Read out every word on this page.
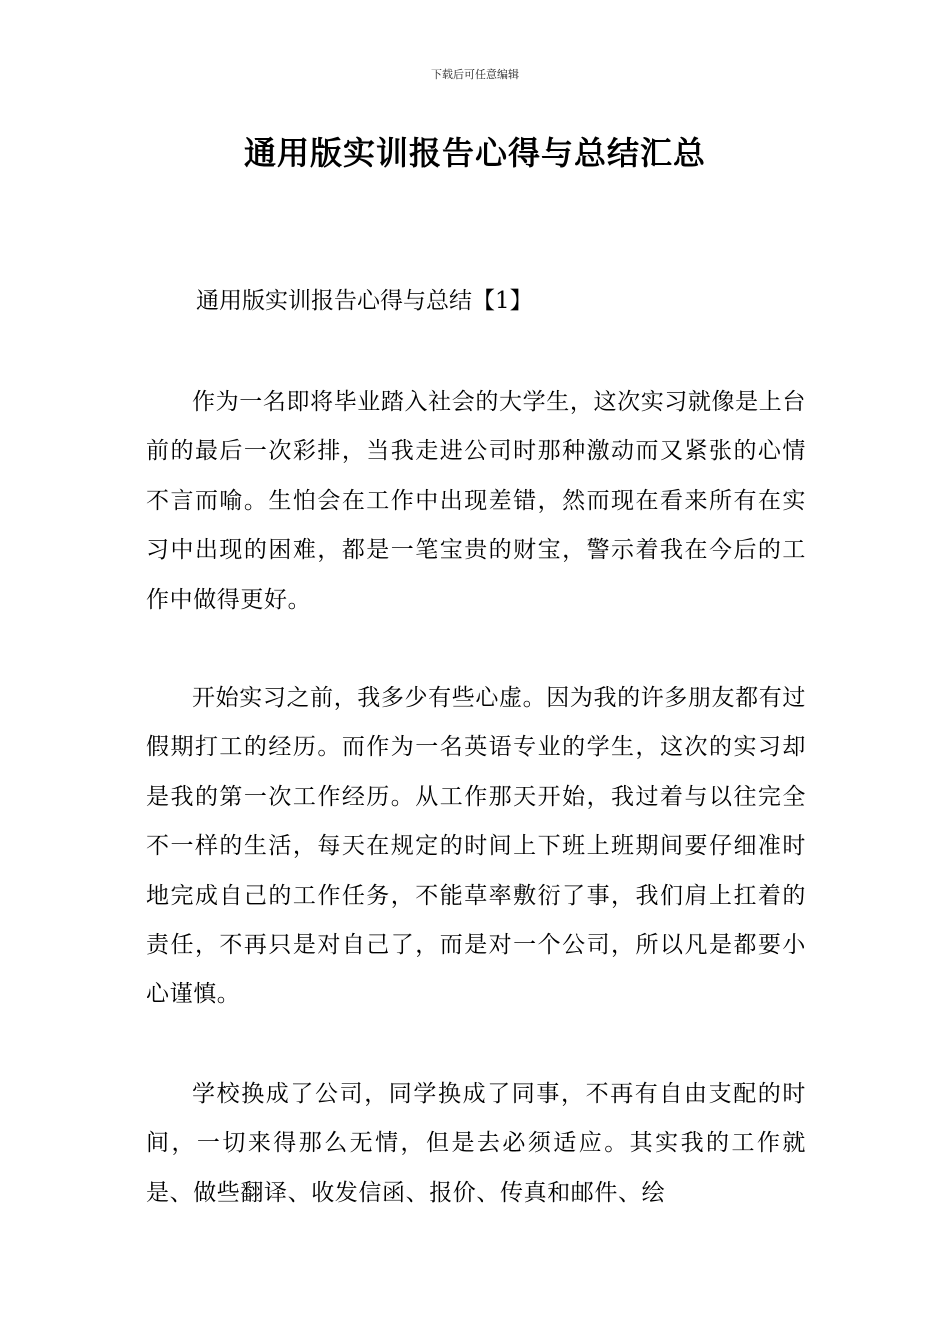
下载后可任意编辑
通用版实训报告心得与总结汇总
通用版实训报告心得与总结【1】

作为一名即将毕业踏入社会的大学生，这次实习就像是上台前的最后一次彩排，当我走进公司时那种激动而又紧张的心情不言而喻。生怕会在工作中出现差错，然而现在看来所有在实习中出现的困难，都是一笔宝贵的财宝，警示着我在今后的工作中做得更好。

开始实习之前，我多少有些心虚。因为我的许多朋友都有过假期打工的经历。而作为一名英语专业的学生，这次的实习却是我的第一次工作经历。从工作那天开始，我过着与以往完全不一样的生活，每天在规定的时间上下班上班期间要仔细准时地完成自己的工作任务，不能草率敷衍了事，我们肩上扛着的责任，不再只是对自己了，而是对一个公司，所以凡是都要小心谨慎。

学校换成了公司，同学换成了同事，不再有自由支配的时间，一切来得那么无情，但是去必须适应。其实我的工作就是、做些翻译、收发信函、报价、传真和邮件、绘
